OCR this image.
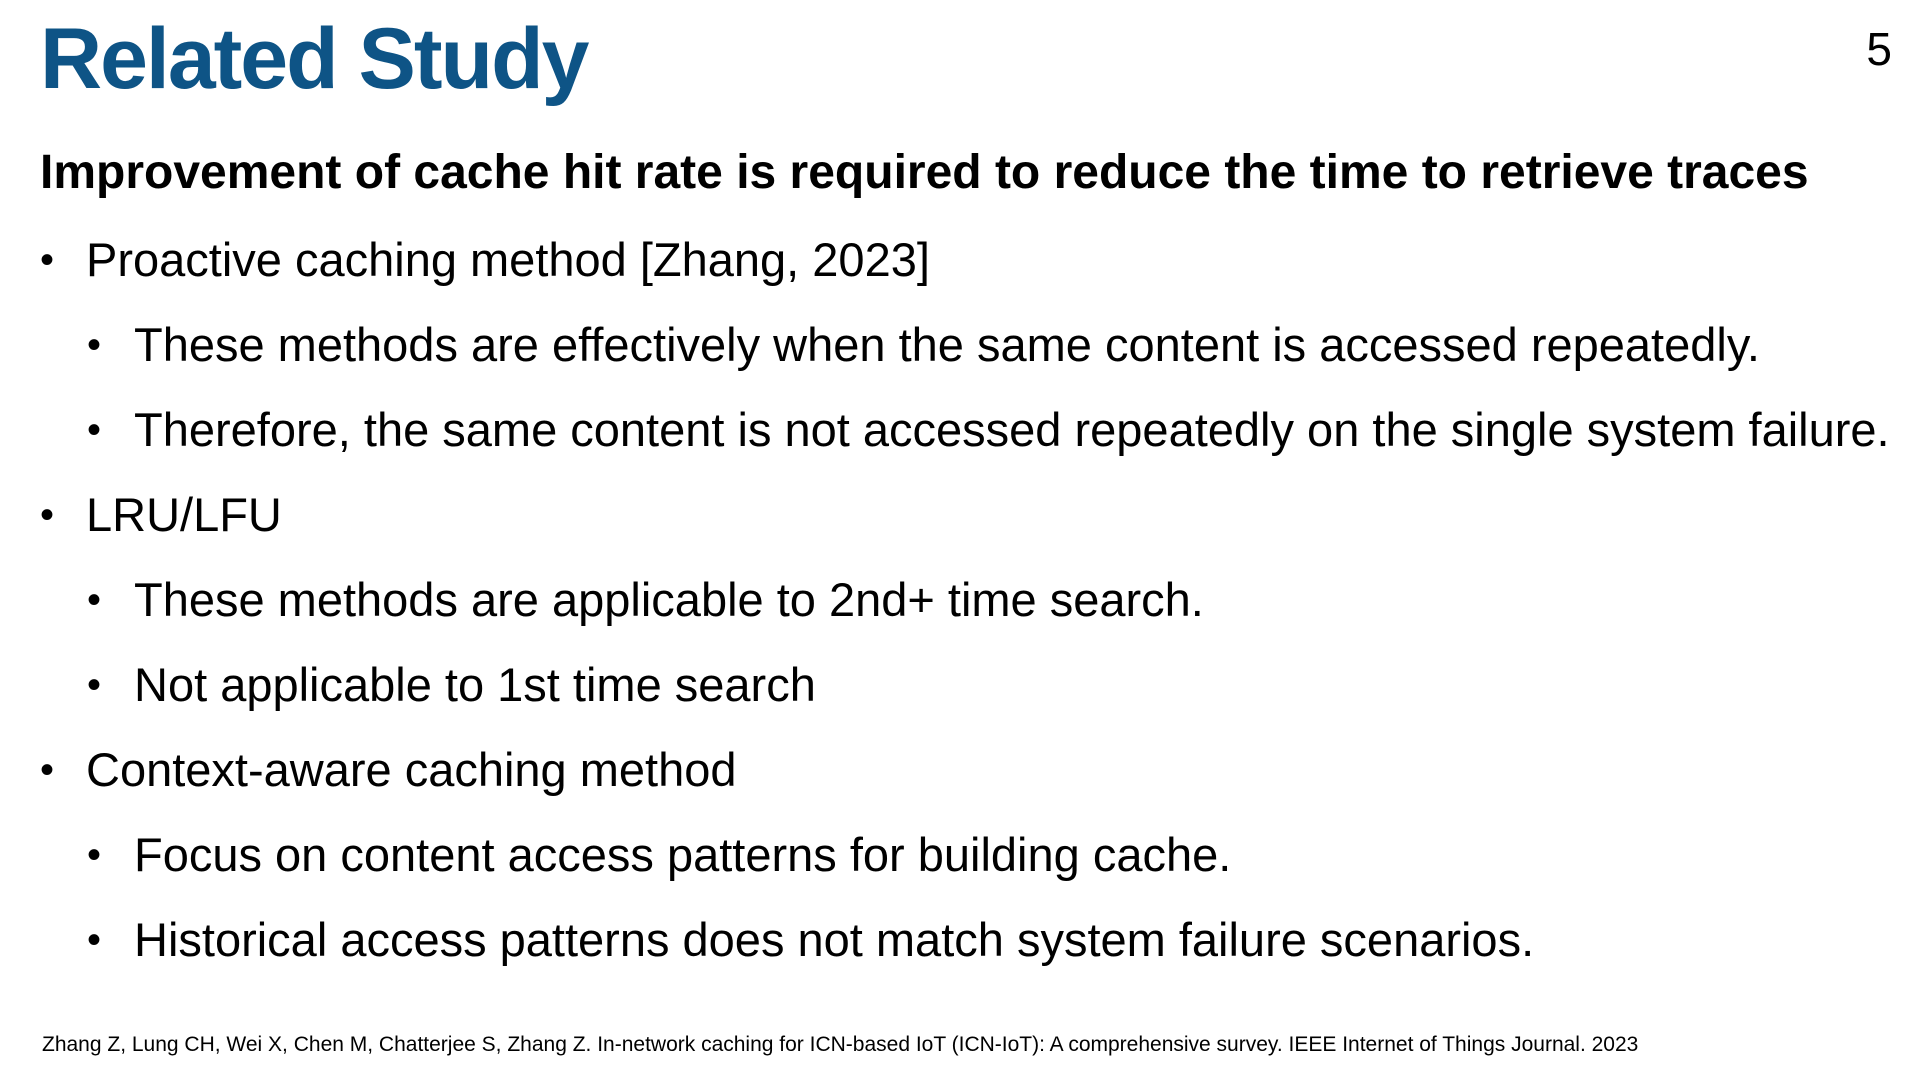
Related Study	5
Improvement of cache hit rate is required to reduce the time to retrieve traces
• Proactive caching method [Zhang, 2023]
• These methods are effectively when the same content is accessed repeatedly.
• Therefore, the same content is not accessed repeatedly on the single system failure.
• LRU/LFU
• These methods are applicable to 2nd+ time search.
• Not applicable to 1st time search
• Context-aware caching method
• Focus on content access patterns for building cache.
• Historical access patterns does not match system failure scenarios.
Zhang Z, Lung CH, Wei X, Chen M, Chatterjee S, Zhang Z. In-network caching for ICN-based IoT (ICN-IoT): A comprehensive survey. IEEE Internet of Things Journal. 2023
